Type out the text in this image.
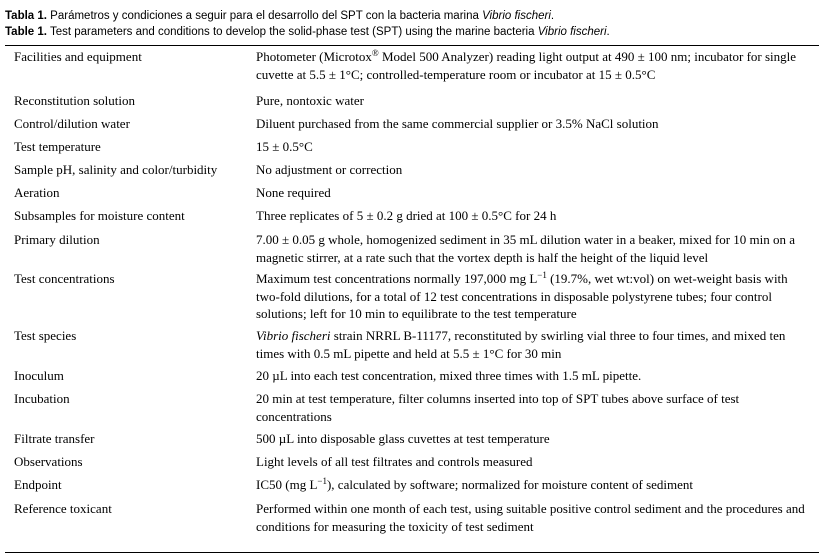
Tabla 1. Parámetros y condiciones a seguir para el desarrollo del SPT con la bacteria marina Vibrio fischeri.
Table 1. Test parameters and conditions to develop the solid-phase test (SPT) using the marine bacteria Vibrio fischeri.
Facilities and equipment	Photometer (Microtox® Model 500 Analyzer) reading light output at 490 ± 100 nm; incubator for single cuvette at 5.5 ± 1°C; controlled-temperature room or incubator at 15 ± 0.5°C
Reconstitution solution	Pure, nontoxic water
Control/dilution water	Diluent purchased from the same commercial supplier or 3.5% NaCl solution
Test temperature	15 ± 0.5°C
Sample pH, salinity and color/turbidity	No adjustment or correction
Aeration	None required
Subsamples for moisture content	Three replicates of 5 ± 0.2 g dried at 100 ± 0.5°C for 24 h
Primary dilution	7.00 ± 0.05 g whole, homogenized sediment in 35 mL dilution water in a beaker, mixed for 10 min on a magnetic stirrer, at a rate such that the vortex depth is half the height of the liquid level
Test concentrations	Maximum test concentrations normally 197,000 mg $L^{-1}$ (19.7%, wet wt:vol) on wet-weight basis with two-fold dilutions, for a total of 12 test concentrations in disposable polystyrene tubes; four control solutions; left for 10 min to equilibrate to the test temperature
Test species	Vibrio fischeri strain NRRL B-11177, reconstituted by swirling vial three to four times, and mixed ten times with 0.5 mL pipette and held at 5.5 ± 1°C for 30 min
Inoculum	20 µL into each test concentration, mixed three times with 1.5 mL pipette.
Incubation	20 min at test temperature, filter columns inserted into top of SPT tubes above surface of test concentrations
Filtrate transfer	500 µL into disposable glass cuvettes at test temperature
Observations	Light levels of all test filtrates and controls measured
Endpoint	IC50 (mg $L^{-1}$), calculated by software; normalized for moisture content of sediment
Reference toxicant	Performed within one month of each test, using suitable positive control sediment and the procedures and conditions for measuring the toxicity of test sediment
